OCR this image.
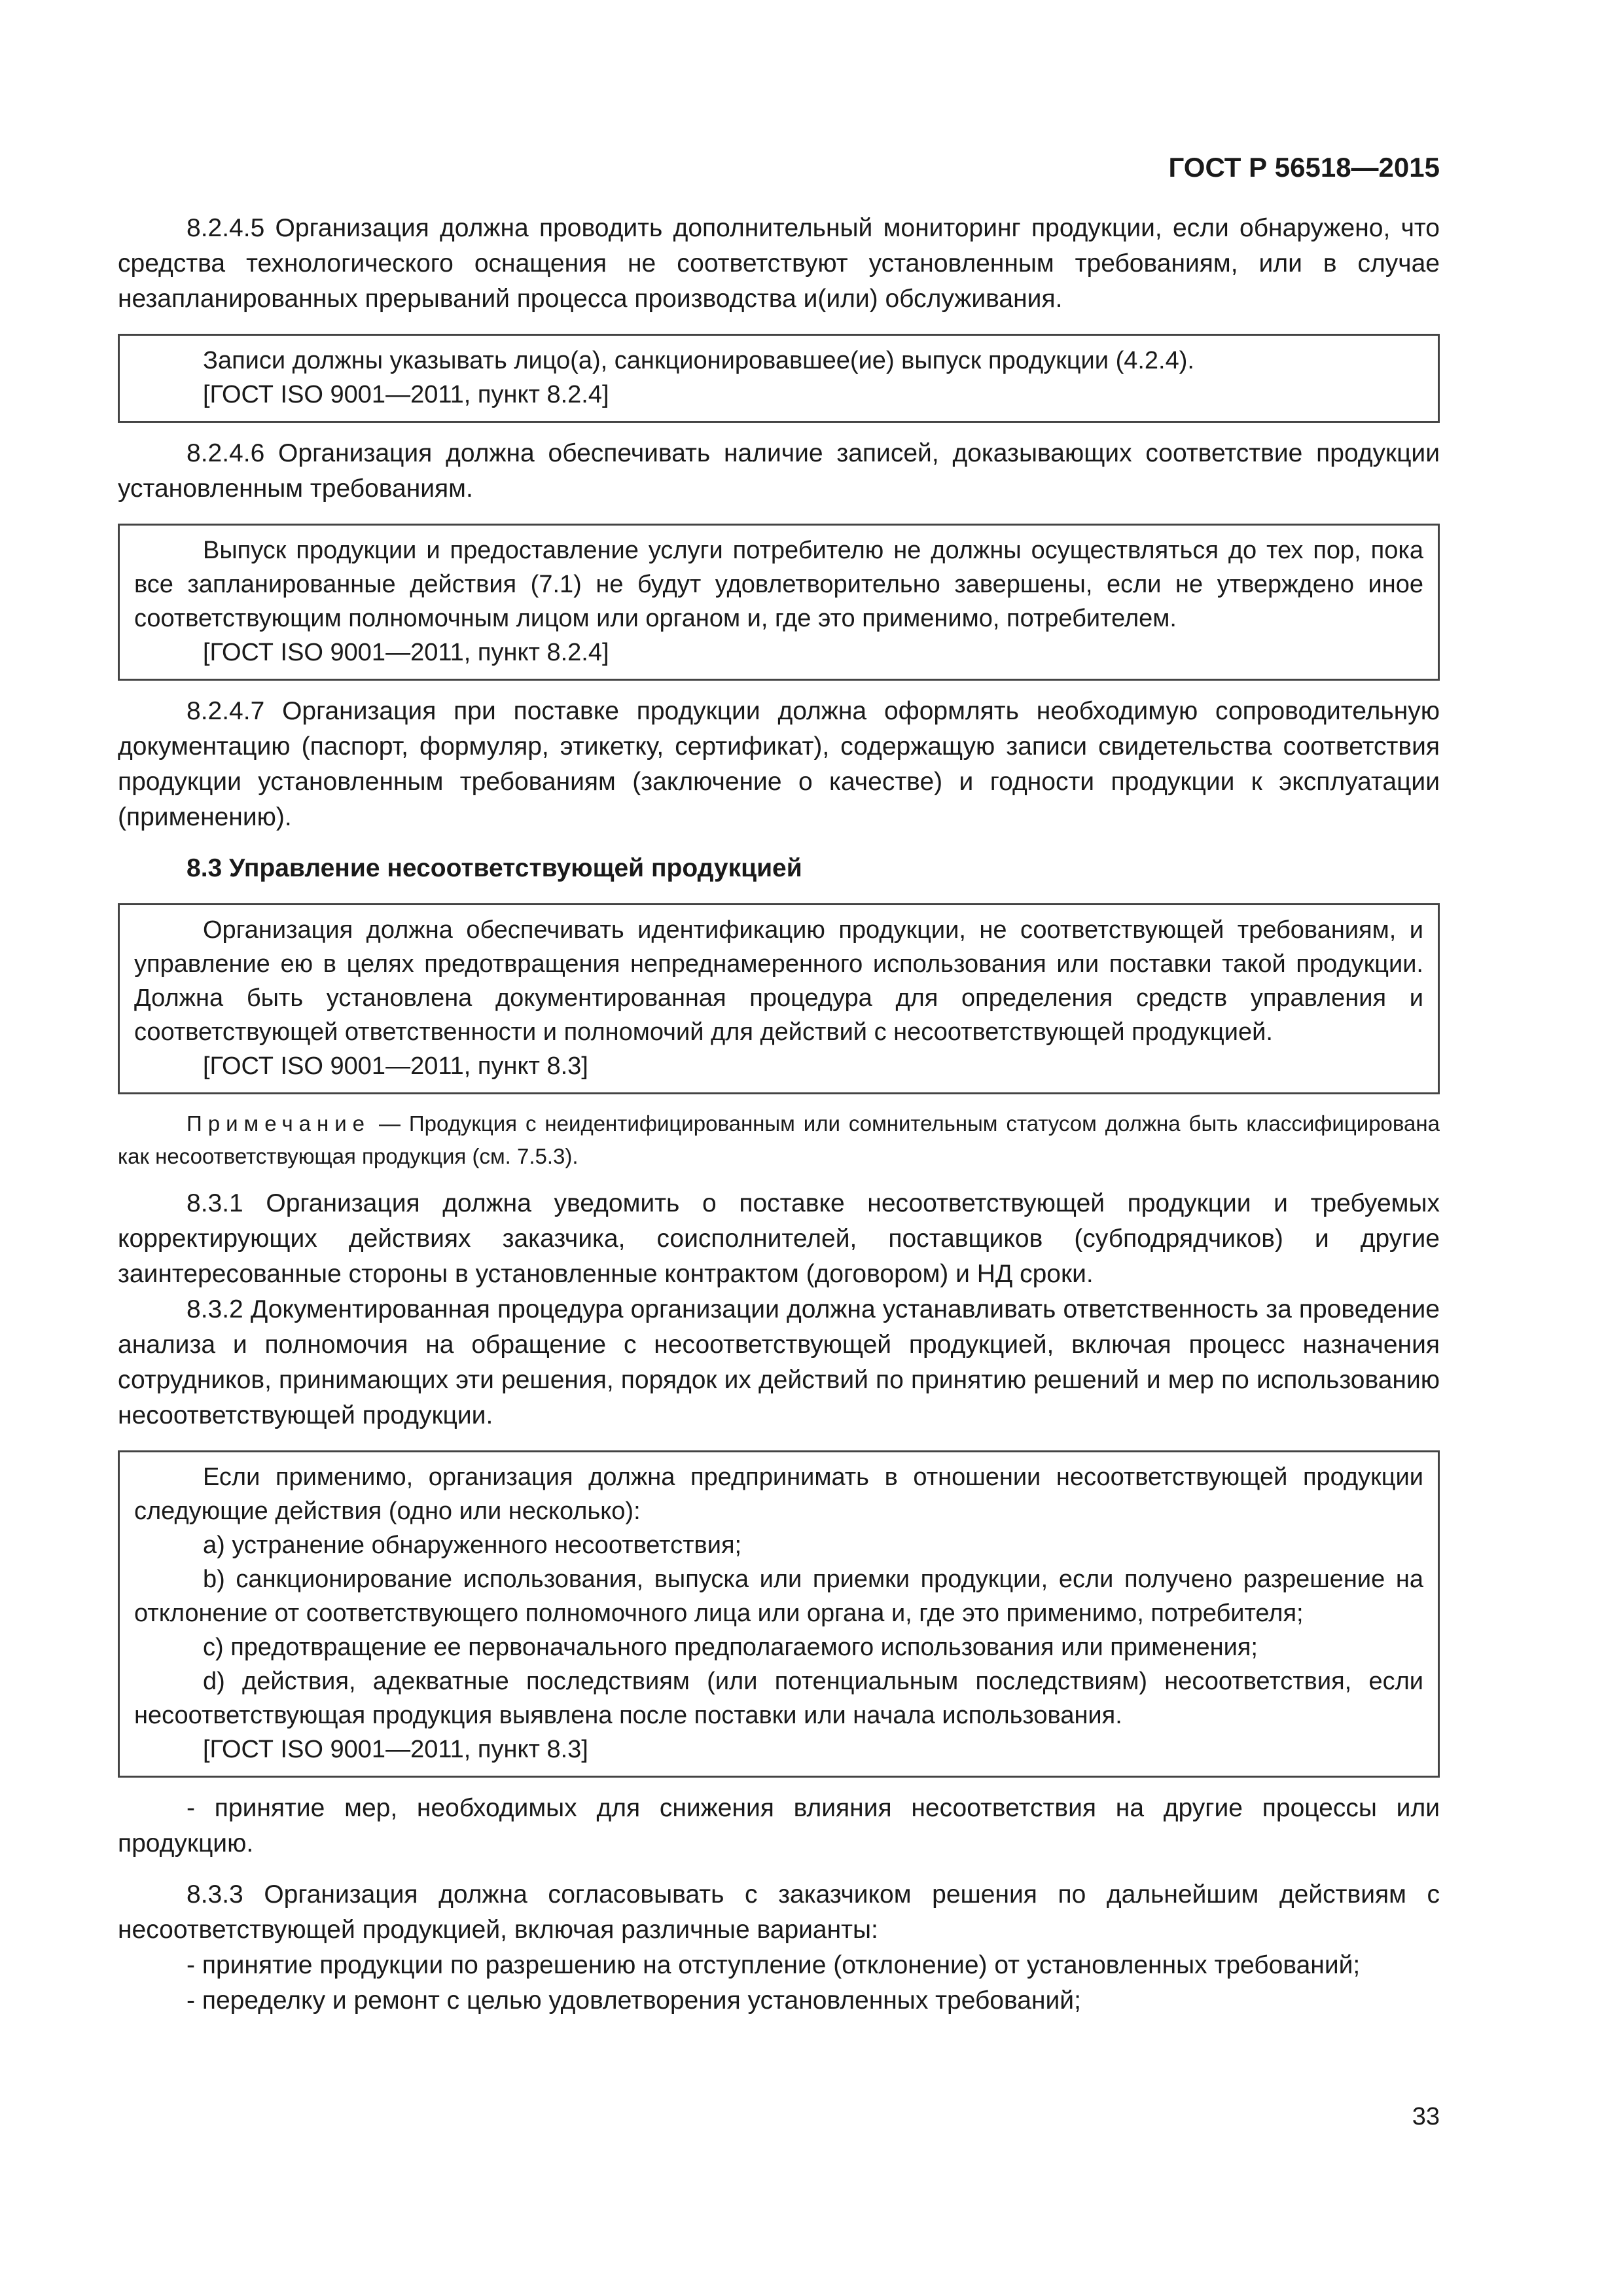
ГОСТ Р 56518—2015

8.2.4.5 Организация должна проводить дополнительный мониторинг продукции, если обнаружено, что средства технологического оснащения не соответствуют установленным требованиям, или в случае незапланированных прерываний процесса производства и(или) обслуживания.

Записи должны указывать лицо(а), санкционировавшее(ие) выпуск продукции (4.2.4).

[ГОСТ ISO 9001—2011, пункт 8.2.4]

8.2.4.6 Организация должна обеспечивать наличие записей, доказывающих соответствие продукции установленным требованиям.

Выпуск продукции и предоставление услуги потребителю не должны осуществляться до тех пор, пока все запланированные действия (7.1) не будут удовлетворительно завершены, если не утверждено иное соответствующим полномочным лицом или органом и, где это применимо, потребителем.

[ГОСТ ISO 9001—2011, пункт 8.2.4]

8.2.4.7 Организация при поставке продукции должна оформлять необходимую сопроводительную документацию (паспорт, формуляр, этикетку, сертификат), содержащую записи свидетельства соответствия продукции установленным требованиям (заключение о качестве) и годности продукции к эксплуатации (применению).

8.3 Управление несоответствующей продукцией

Организация должна обеспечивать идентификацию продукции, не соответствующей требованиям, и управление ею в целях предотвращения непреднамеренного использования или поставки такой продукции. Должна быть установлена документированная процедура для определения средств управления и соответствующей ответственности и полномочий для действий с несоответствующей продукцией.

[ГОСТ ISO 9001—2011, пункт 8.3]

Примечание — Продукция с неидентифицированным или сомнительным статусом должна быть классифицирована как несоответствующая продукция (см. 7.5.3).

8.3.1 Организация должна уведомить о поставке несоответствующей продукции и требуемых корректирующих действиях заказчика, соисполнителей, поставщиков (субподрядчиков) и другие заинтересованные стороны в установленные контрактом (договором) и НД сроки.

8.3.2 Документированная процедура организации должна устанавливать ответственность за проведение анализа и полномочия на обращение с несоответствующей продукцией, включая процесс назначения сотрудников, принимающих эти решения, порядок их действий по принятию решений и мер по использованию несоответствующей продукции.

Если применимо, организация должна предпринимать в отношении несоответствующей продукции следующие действия (одно или несколько):

a) устранение обнаруженного несоответствия;

b) санкционирование использования, выпуска или приемки продукции, если получено разрешение на отклонение от соответствующего полномочного лица или органа и, где это применимо, потребителя;

c) предотвращение ее первоначального предполагаемого использования или применения;

d) действия, адекватные последствиям (или потенциальным последствиям) несоответствия, если несоответствующая продукция выявлена после поставки или начала использования.

[ГОСТ ISO 9001—2011, пункт 8.3]

- принятие мер, необходимых для снижения влияния несоответствия на другие процессы или продукцию.

8.3.3 Организация должна согласовывать с заказчиком решения по дальнейшим действиям с несоответствующей продукцией, включая различные варианты:

- принятие продукции по разрешению на отступление (отклонение) от установленных требований;

- переделку и ремонт с целью удовлетворения установленных требований;

33
